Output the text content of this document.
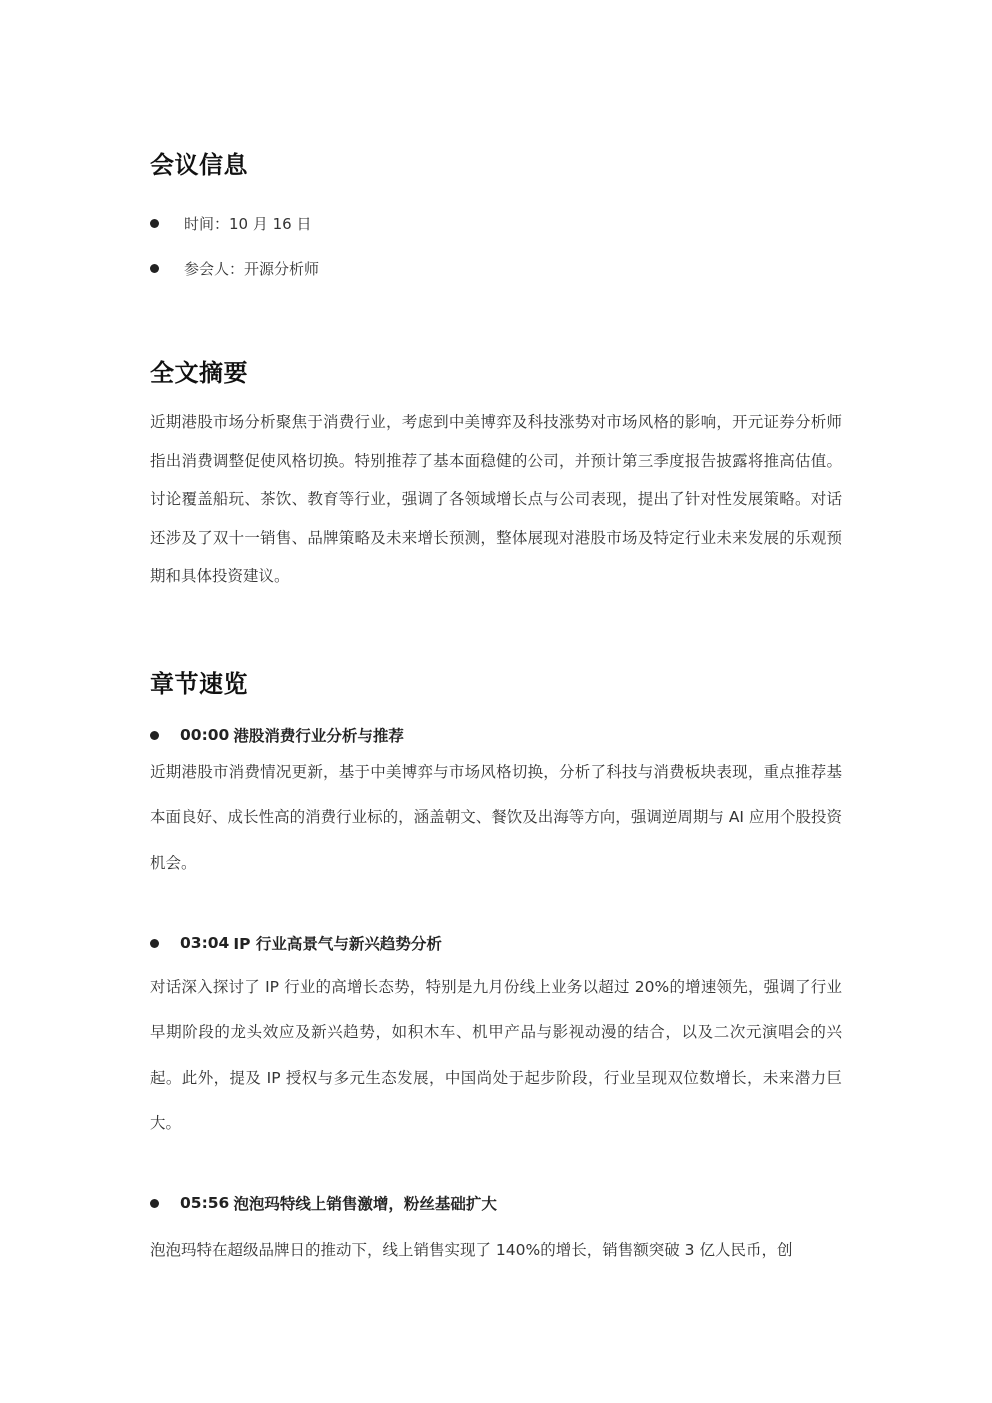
会议信息
时间： 10 月 16 日
参会人： 开源分析师
全文摘要

近期港股市场分析聚焦于消费行业，考虑到中美博弈及科技涨势对市场风格的影响，开元证券分析师指出消费调整促使风格切换。特别推荐了基本面稳健的公司，并预计第三季度报告披露将推高估值。讨论覆盖船玩、茶饮、教育等行业，强调了各领域增长点与公司表现，提出了针对性发展策略。对话还涉及了双十一销售、品牌策略及未来增长预测，整体展现对港股市场及特定行业未来发展的乐观预期和具体投资建议。

章节速览
00:00 港股消费行业分析与推荐

近期港股市消费情况更新，基于中美博弈与市场风格切换，分析了科技与消费板块表现，重点推荐基本面良好、成长性高的消费行业标的，涵盖朝文、餐饮及出海等方向，强调逆周期与 AI 应用个股投资机会。

03:04 IP 行业高景气与新兴趋势分析

对话深入探讨了 IP 行业的高增长态势，特别是九月份线上业务以超过 20%的增速领先，强调了行业早期阶段的龙头效应及新兴趋势，如积木车、机甲产品与影视动漫的结合，以及二次元演唱会的兴起。此外，提及 IP 授权与多元生态发展，中国尚处于起步阶段，行业呈现双位数增长，未来潜力巨大。

05:56 泡泡玛特线上销售激增，粉丝基础扩大

泡泡玛特在超级品牌日的推动下，线上销售实现了 140%的增长，销售额突破 3 亿人民币，创
